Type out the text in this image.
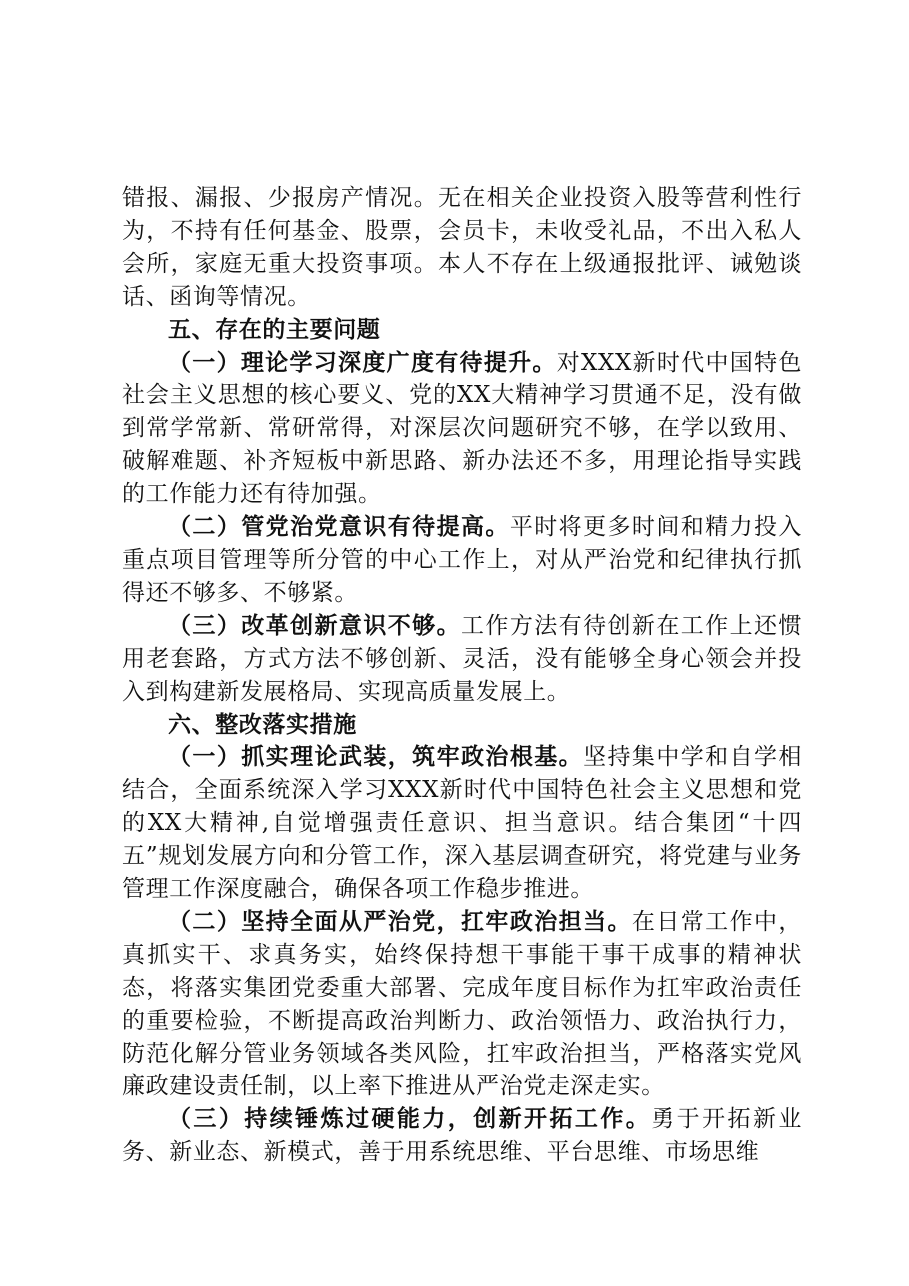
错报、漏报、少报房产情况。无在相关企业投资入股等营利性行为，不持有任何基金、股票，会员卡，未收受礼品，不出入私人会所，家庭无重大投资事项。本人不存在上级通报批评、诫勉谈话、函询等情况。

五、存在的主要问题

（一）理论学习深度广度有待提升。对XXX新时代中国特色社会主义思想的核心要义、党的XX大精神学习贯通不足，没有做到常学常新、常研常得，对深层次问题研究不够，在学以致用、破解难题、补齐短板中新思路、新办法还不多，用理论指导实践的工作能力还有待加强。

（二）管党治党意识有待提高。平时将更多时间和精力投入重点项目管理等所分管的中心工作上，对从严治党和纪律执行抓得还不够多、不够紧。

（三）改革创新意识不够。工作方法有待创新在工作上还惯用老套路，方式方法不够创新、灵活，没有能够全身心领会并投入到构建新发展格局、实现高质量发展上。

六、整改落实措施

（一）抓实理论武装，筑牢政治根基。坚持集中学和自学相结合，全面系统深入学习XXX新时代中国特色社会主义思想和党的XX大精神,自觉增强责任意识、担当意识。结合集团“十四五”规划发展方向和分管工作，深入基层调查研究，将党建与业务管理工作深度融合，确保各项工作稳步推进。

（二）坚持全面从严治党，扛牢政治担当。在日常工作中，真抓实干、求真务实，始终保持想干事能干事干成事的精神状态，将落实集团党委重大部署、完成年度目标作为扛牢政治责任的重要检验，不断提高政治判断力、政治领悟力、政治执行力，防范化解分管业务领域各类风险，扛牢政治担当，严格落实党风廉政建设责任制，以上率下推进从严治党走深走实。

（三）持续锤炼过硬能力，创新开拓工作。勇于开拓新业务、新业态、新模式，善于用系统思维、平台思维、市场思维
